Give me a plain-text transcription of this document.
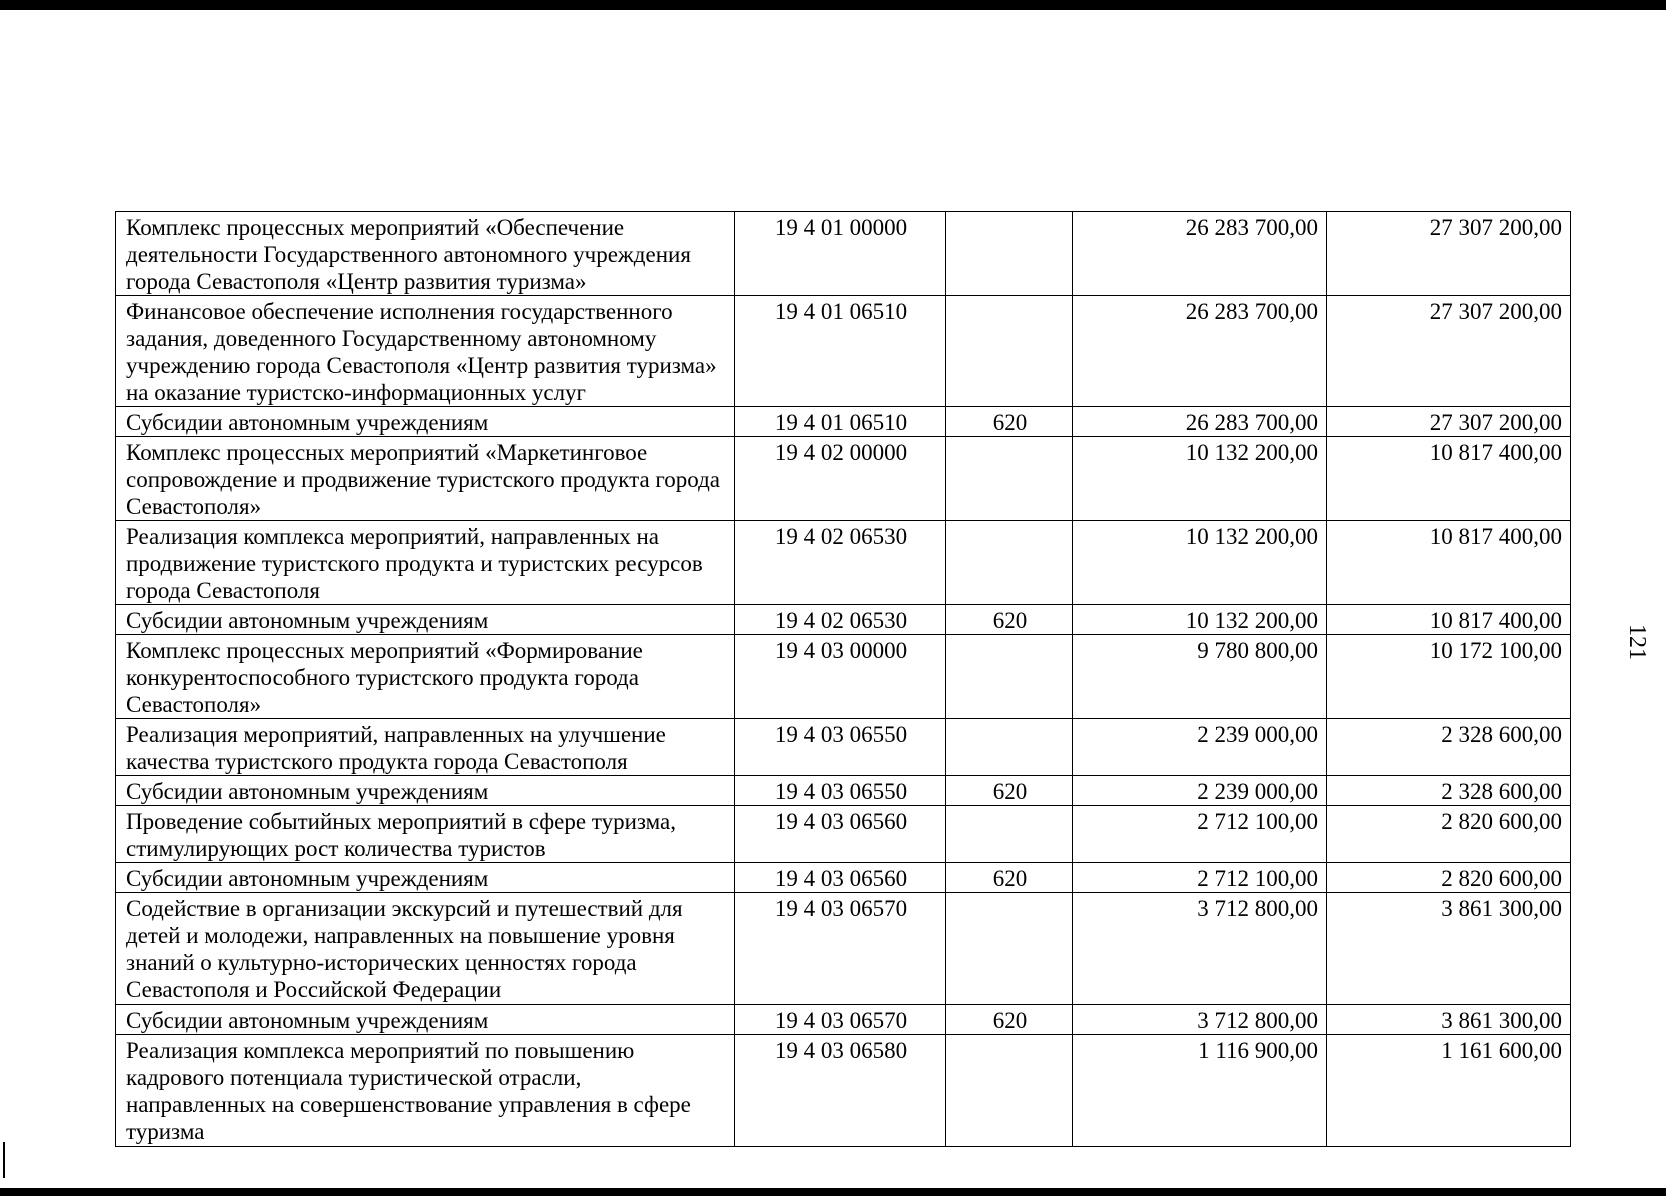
121
Комплекс процессных мероприятий «Обеспечение деятельности Государственного автономного учреждения города Севастополя «Центр развития туризма»	19 4 01 00000		26 283 700,00	27 307 200,00
Финансовое обеспечение исполнения государственного задания, доведенного Государственному автономному учреждению города Севастополя «Центр развития туризма» на оказание туристско-информационных услуг	19 4 01 06510		26 283 700,00	27 307 200,00
Субсидии автономным учреждениям	19 4 01 06510	620	26 283 700,00	27 307 200,00
Комплекс процессных мероприятий «Маркетинговое сопровождение и продвижение туристского продукта города Севастополя»	19 4 02 00000		10 132 200,00	10 817 400,00
Реализация комплекса мероприятий, направленных на продвижение туристского продукта и туристских ресурсов города Севастополя	19 4 02 06530		10 132 200,00	10 817 400,00
Субсидии автономным учреждениям	19 4 02 06530	620	10 132 200,00	10 817 400,00
Комплекс процессных мероприятий «Формирование конкурентоспособного туристского продукта города Севастополя»	19 4 03 00000		9 780 800,00	10 172 100,00
Реализация мероприятий, направленных на улучшение качества туристского продукта города Севастополя	19 4 03 06550		2 239 000,00	2 328 600,00
Субсидии автономным учреждениям	19 4 03 06550	620	2 239 000,00	2 328 600,00
Проведение событийных мероприятий в сфере туризма, стимулирующих рост количества туристов	19 4 03 06560		2 712 100,00	2 820 600,00
Субсидии автономным учреждениям	19 4 03 06560	620	2 712 100,00	2 820 600,00
Содействие в организации экскурсий и путешествий для детей и молодежи, направленных на повышение уровня знаний о культурно-исторических ценностях города Севастополя и Российской Федерации	19 4 03 06570		3 712 800,00	3 861 300,00
Субсидии автономным учреждениям	19 4 03 06570	620	3 712 800,00	3 861 300,00
Реализация комплекса мероприятий по повышению кадрового потенциала туристической отрасли, направленных на совершенствование управления в сфере туризма	19 4 03 06580		1 116 900,00	1 161 600,00
